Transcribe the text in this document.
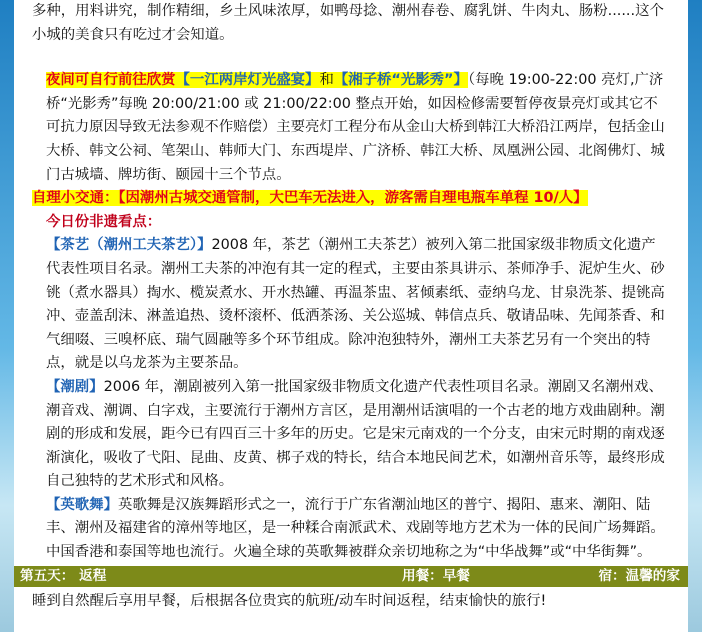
多种，用料讲究，制作精细，乡土风味浓厚，如鸭母捻、潮州春卷、腐乳饼、牛肉丸、肠粉......这个小城的美食只有吃过才会知道。

夜间可自行前往欣赏【一江两岸灯光盛宴】和【湘子桥“光影秀”】（每晚 19:00-22:00 亮灯,广济桥“光影秀”每晚 20:00/21:00 或 21:00/22:00 整点开始，如因检修需要暂停夜景亮灯或其它不可抗力原因导致无法参观不作赔偿）主要亮灯工程分布从金山大桥到韩江大桥沿江两岸，包括金山大桥、韩文公祠、笔架山、韩师大门、东西堤岸、广济桥、韩江大桥、凤凰洲公园、北阁佛灯、城门古城墙、牌坊街、颐园十三个节点。

自理小交通：【因潮州古城交通管制，大巴车无法进入，游客需自理电瓶车单程 10/人】

今日份非遗看点：

【茶艺（潮州工夫茶艺）】2008 年，茶艺（潮州工夫茶艺）被列入第二批国家级非物质文化遗产代表性项目名录。潮州工夫茶的冲泡有其一定的程式，主要由茶具讲示、茶师净手、泥炉生火、砂铫（煮水器具）掏水、榄炭煮水、开水热罐、再温茶盅、茗倾素纸、壶纳乌龙、甘泉洗茶、提铫高冲、壶盖刮沫、淋盖追热、烫杯滚杯、低洒茶汤、关公巡城、韩信点兵、敬请品味、先闻茶香、和气细啜、三嗅杯底、瑞气圆融等多个环节组成。除冲泡独特外，潮州工夫茶艺另有一个突出的特点，就是以乌龙茶为主要茶品。

【潮剧】2006 年，潮剧被列入第一批国家级非物质文化遗产代表性项目名录。潮剧又名潮州戏、潮音戏、潮调、白字戏，主要流行于潮州方言区，是用潮州话演唱的一个古老的地方戏曲剧种。潮剧的形成和发展，距今已有四百三十多年的历史。它是宋元南戏的一个分支，由宋元时期的南戏逐渐演化，吸收了弋阳、昆曲、皮黄、梆子戏的特长，结合本地民间艺术，如潮州音乐等，最终形成自己独特的艺术形式和风格。

【英歌舞】英歌舞是汉族舞蹈形式之一，流行于广东省潮汕地区的普宁、揭阳、惠来、潮阳、陆丰、潮州及福建省的漳州等地区，是一种糅合南派武术、戏剧等地方艺术为一体的民间广场舞蹈。中国香港和泰国等地也流行。火遍全球的英歌舞被群众亲切地称之为“中华战舞”或“中华街舞”。

第五天： 返程	用餐：早餐	宿：温馨的家

睡到自然醒后享用早餐，后根据各位贵宾的航班/动车时间返程，结束愉快的旅行!
